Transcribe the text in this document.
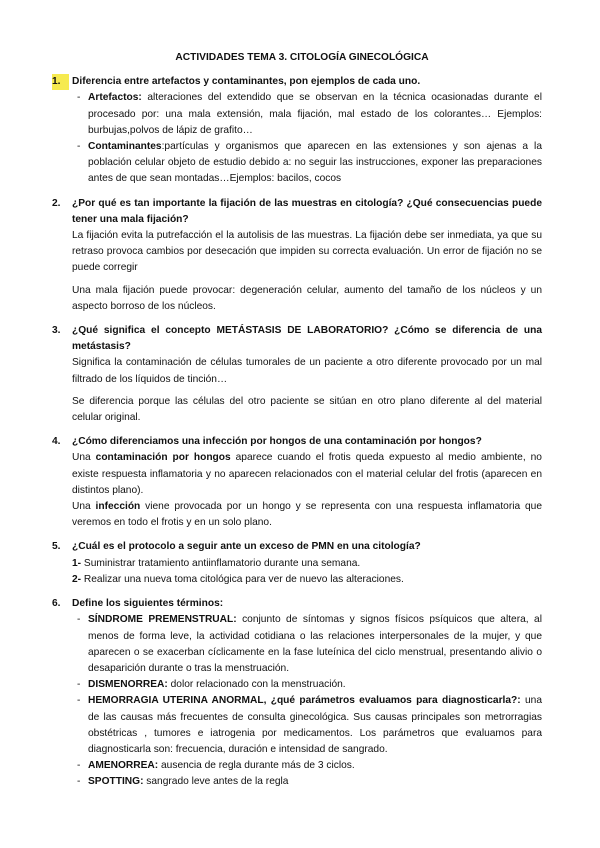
ACTIVIDADES TEMA 3. CITOLOGÍA GINECOLÓGICA
1.	Diferencia entre artefactos y contaminantes, pon ejemplos de cada uno.
- Artefactos: alteraciones del extendido que se observan en la técnica ocasionadas durante el procesado por: una mala extensión, mala fijación, mal estado de los colorantes… Ejemplos: burbujas,polvos de lápiz de grafito…
- Contaminantes:partículas y organismos que aparecen en las extensiones y son ajenas a la población celular objeto de estudio debido a: no seguir las instrucciones, exponer las preparaciones antes de que sean montadas…Ejemplos: bacilos, cocos
2.	¿Por qué es tan importante la fijación de las muestras en citología? ¿Qué consecuencias puede tener una mala fijación?

La fijación evita la putrefacción el la autolisis de las muestras. La fijación debe ser inmediata, ya que su retraso provoca cambios por desecación que impiden su correcta evaluación. Un error de fijación no se puede corregir

Una mala fijación puede provocar: degeneración celular, aumento del tamaño de los núcleos y un aspecto borroso de los núcleos.

3.	¿Qué significa el concepto METÁSTASIS DE LABORATORIO? ¿Cómo se diferencia de una metástasis?

Significa la contaminación de células tumorales de un paciente a otro diferente provocado por un mal filtrado de los líquidos de tinción…

Se diferencia porque las células del otro paciente se sitúan en otro plano diferente al del material celular original.

4.	¿Cómo diferenciamos una infección por hongos de una contaminación por hongos?

Una contaminación por hongos aparece cuando el frotis queda expuesto al medio ambiente, no existe respuesta inflamatoria y no aparecen relacionados con el material celular del frotis (aparecen en distintos plano).

Una infección viene provocada por un hongo y se representa con una respuesta inflamatoria que veremos en todo el frotis y en un solo plano.

5.	¿Cuál es el protocolo a seguir ante un exceso de PMN en una citología?

1- Suministrar tratamiento antiinflamatorio durante una semana.

2- Realizar una nueva toma citológica para ver de nuevo las alteraciones.

6.	Define los siguientes términos:
- SÍNDROME PREMENSTRUAL: conjunto de síntomas y signos físicos psíquicos que altera, al menos de forma leve, la actividad cotidiana o las relaciones interpersonales de la mujer, y que aparecen o se exacerban cíclicamente en la fase luteínica del ciclo menstrual, presentando alivio o desaparición durante o tras la menstruación.
- DISMENORREA: dolor relacionado con la menstruación.
- HEMORRAGIA UTERINA ANORMAL, ¿qué parámetros evaluamos para diagnosticarla?: una de las causas más frecuentes de consulta ginecológica. Sus causas principales son metrorragias obstétricas , tumores e iatrogenia por medicamentos. Los parámetros que evaluamos para diagnosticarla son: frecuencia, duración e intensidad de sangrado.
- AMENORREA: ausencia de regla durante más de 3 ciclos.
- SPOTTING: sangrado leve antes de la regla
